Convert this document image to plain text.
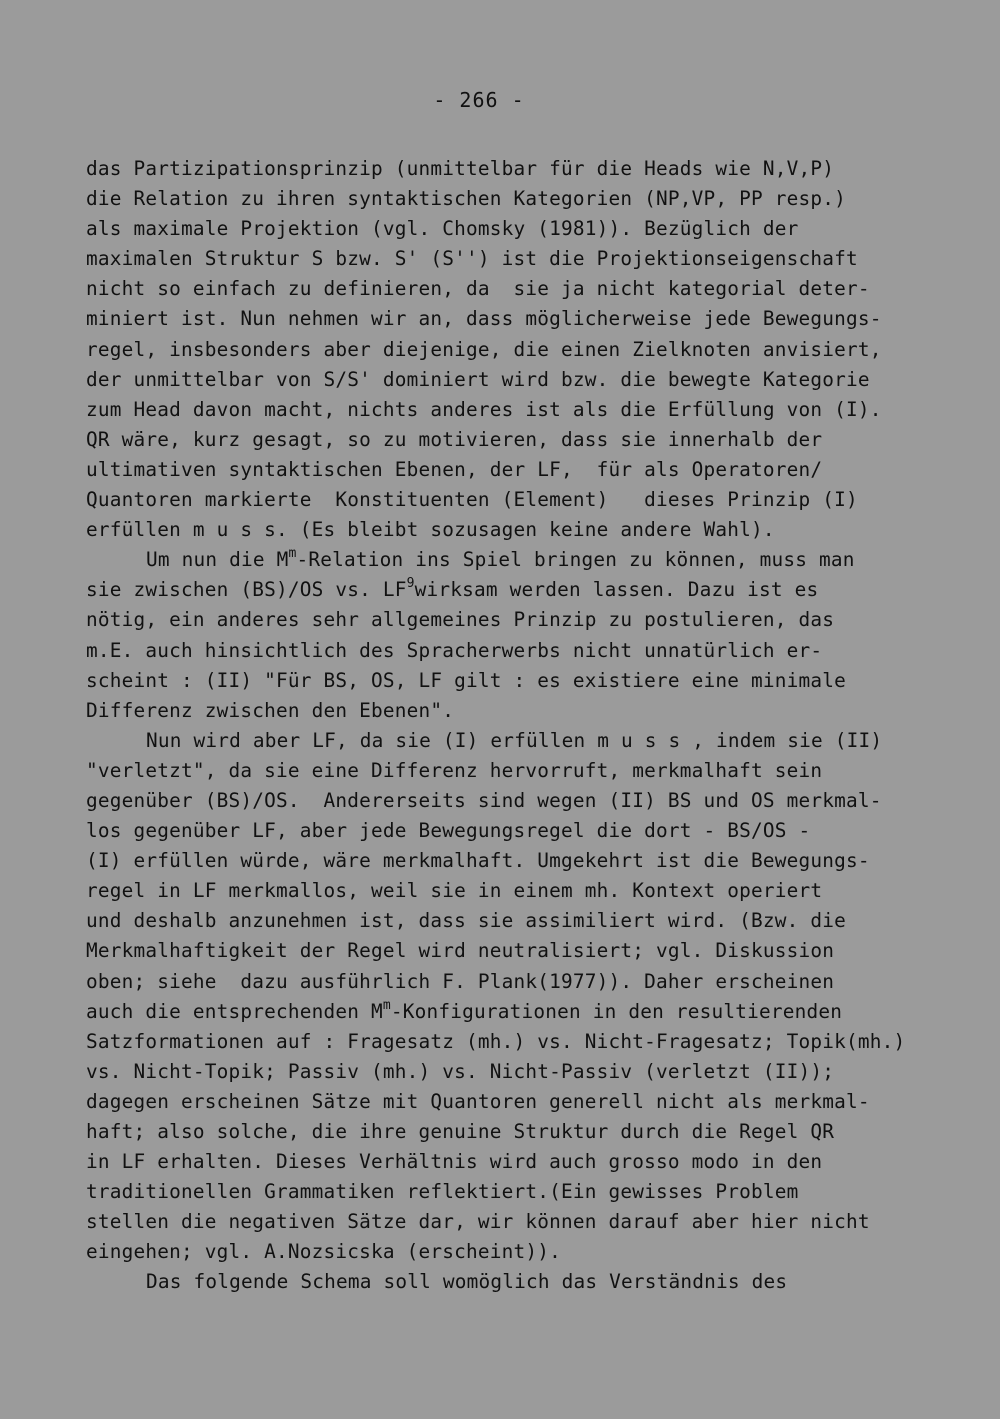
- 266 -
das Partizipationsprinzip (unmittelbar für die Heads wie N,V,P)
die Relation zu ihren syntaktischen Kategorien (NP,VP, PP resp.)
als maximale Projektion (vgl. Chomsky (1981)). Bezüglich der
maximalen Struktur S bzw. S' (S'') ist die Projektionseigenschaft
nicht so einfach zu definieren, da  sie ja nicht kategorial deter-
miniert ist. Nun nehmen wir an, dass möglicherweise jede Bewegungs-
regel, insbesonders aber diejenige, die einen Zielknoten anvisiert,
der unmittelbar von S/S' dominiert wird bzw. die bewegte Kategorie
zum Head davon macht, nichts anderes ist als die Erfüllung von (I).
QR wäre, kurz gesagt, so zu motivieren, dass sie innerhalb der
ultimativen syntaktischen Ebenen, der LF,  für als Operatoren/
Quantoren markierte  Konstituenten (Element)   dieses Prinzip (I)
erfüllen m u s s. (Es bleibt sozusagen keine andere Wahl).
Um nun die $M^m$-Relation ins Spiel bringen zu können, muss man
sie zwischen (BS)/OS vs. $LF^9wirksam$ werden lassen. Dazu ist es
nötig, ein anderes sehr allgemeines Prinzip zu postulieren, das
m.E. auch hinsichtlich des Spracherwerbs nicht unnatürlich er-
scheint : (II) "Für BS, OS, LF gilt : es existiere eine minimale
Differenz zwischen den Ebenen".
Nun wird aber LF, da sie (I) erfüllen m u s s , indem sie (II)
"verletzt", da sie eine Differenz hervorruft, merkmalhaft sein
gegenüber (BS)/OS.  Andererseits sind wegen (II) BS und OS merkmal-
los gegenüber LF, aber jede Bewegungsregel die dort - BS/OS -
(I) erfüllen würde, wäre merkmalhaft. Umgekehrt ist die Bewegungs-
regel in LF merkmallos, weil sie in einem mh. Kontext operiert
und deshalb anzunehmen ist, dass sie assimiliert wird. (Bzw. die
Merkmalhaftigkeit der Regel wird neutralisiert; vgl. Diskussion
oben; siehe  dazu ausführlich F. Plank(1977)). Daher erscheinen
auch die entsprechenden $M^m$-Konfigurationen in den resultierenden
Satzformationen auf : Fragesatz (mh.) vs. Nicht-Fragesatz; Topik(mh.)
vs. Nicht-Topik; Passiv (mh.) vs. Nicht-Passiv (verletzt (II));
dagegen erscheinen Sätze mit Quantoren generell nicht als merkmal-
haft; also solche, die ihre genuine Struktur durch die Regel QR
in LF erhalten. Dieses Verhältnis wird auch grosso modo in den
traditionellen Grammatiken reflektiert.(Ein gewisses Problem
stellen die negativen Sätze dar, wir können darauf aber hier nicht
eingehen; vgl. A.Nozsicska (erscheint)).
Das folgende Schema soll womöglich das Verständnis des
